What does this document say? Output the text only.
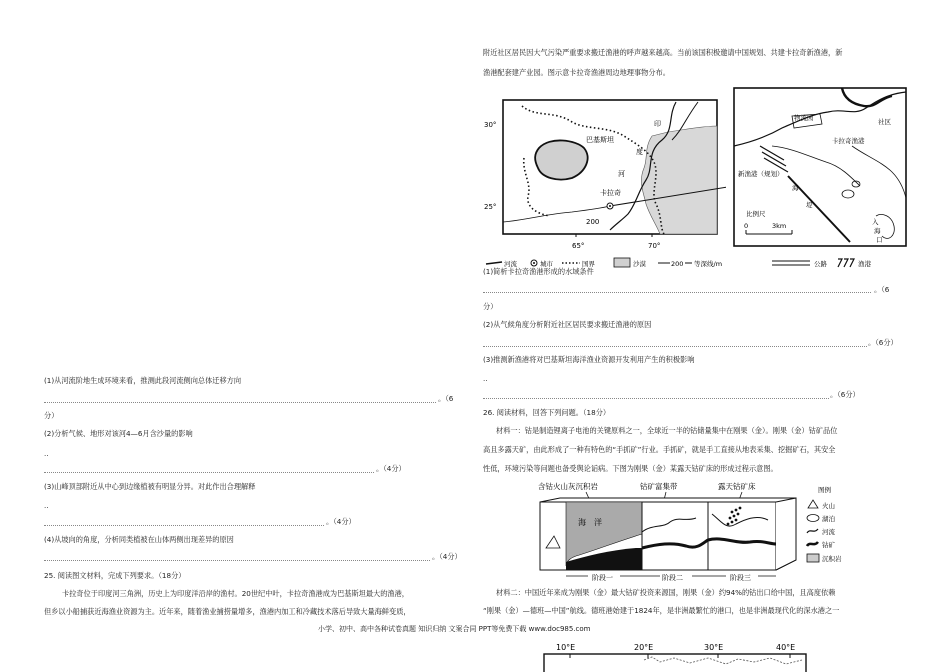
附近社区居民因大气污染严重要求搬迁渔港的呼声越来越高。当前该国积极邀请中国规划、共建卡拉奇新渔港，新
渔港配套建产业园。图示意卡拉奇渔港周边地理事物分布。
30°
25°
65°	70°
巴基斯坦
印
度
河
卡拉奇
200
物流园	社区
卡拉奇渔港
新渔港（规划）
海
堤
比例尺
0	3km	入
海
口
河流	城市	国界	沙漠	200 等深线/m	公路	渔港
(1)简析卡拉奇渔港形成的水域条件
。（6
分）
(2)从气候角度分析附近社区居民要求搬迁渔港的原因
。（6分）
(3)推测新渔港将对巴基斯坦海洋渔业资源开发利用产生的积极影响
..
。（6分）
26. 阅读材料，回答下列问题。（18分）
材料一：钴是制造锂离子电池的关键原料之一，全球近一半的钴储量集中在刚果（金）。刚果（金）钴矿品位
高且多露天矿，由此形成了一种有特色的“手抓矿”行业。手抓矿，就是手工直接从地表采集、挖掘矿石，其安全
性低，环境污染等问题也备受舆论诟病。下图为刚果（金）某露天钴矿床的形成过程示意图。
含钴火山灰沉积岩	钴矿富集带	露天钴矿床
海 洋
阶段一	阶段二	阶段三
图例
火山
湖泊
河流
钴矿
沉积岩
材料二：中国近年来成为刚果（金）最大钴矿投资来源国，刚果（金）约94%的钴出口给中国，且高度依赖
“刚果（金）—德班—中国”航线。德班港始建于1824年，是非洲最繁忙的港口，也是非洲最现代化的深水港之一
10°E	20°E	30°E	40°E
(1)从河流阶地生成环境来看，推测此段河流侧向总体迁移方向
。（6
分）
(2)分析气候、地形对该河4—6月含沙量的影响
..
。（4分）
(3)山峰顶部附近从中心到边缘植被有明显分异。对此作出合理解释
..
。（4分）
(4)从坡向的角度，分析同类植被在山体两侧出现差异的原因
。（4分）
25. 阅读图文材料，完成下列要求。（18分）
卡拉奇位于印度河三角洲，历史上为印度洋沿岸的渔村。20世纪中叶，卡拉奇渔港成为巴基斯坦最大的渔港，
但乡以小船捕获近海渔业资源为主。近年来，随着渔业捕捞量增多，渔港内加工和冷藏技术落后导致大量海鲜变质，
小学、初中、高中各种试卷真题 知识归纳 文案合同 PPT等免费下载 www.doc985.com
